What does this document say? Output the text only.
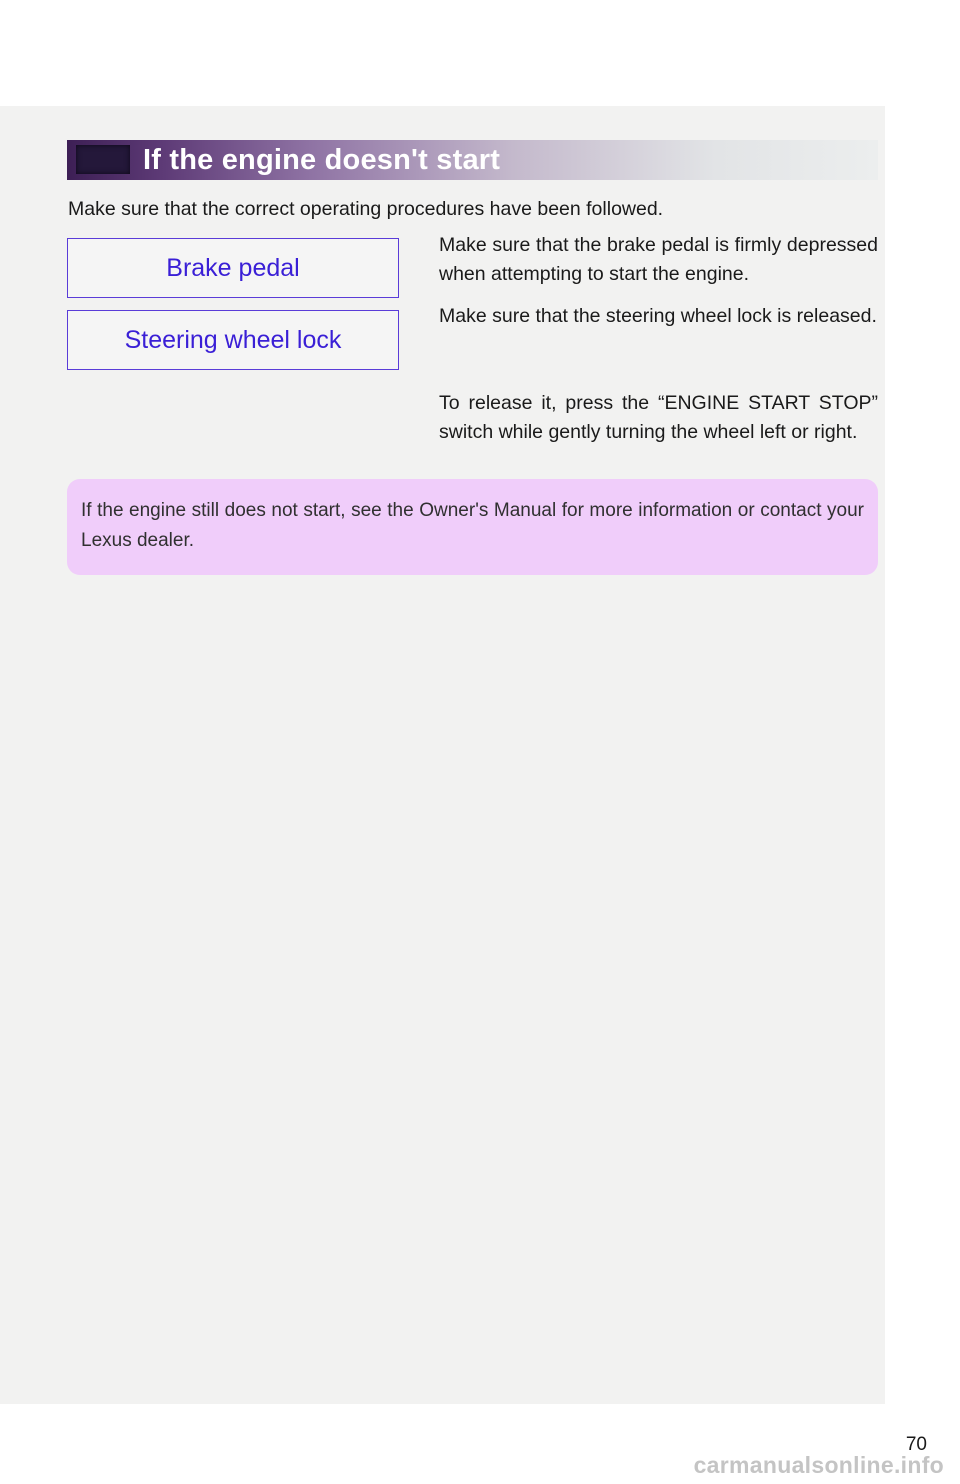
If the engine doesn't start
Make sure that the correct operating procedures have been followed.
Brake pedal
Make sure that the brake pedal is firmly depressed when attempting to start the engine.
Steering wheel lock
Make sure that the steering wheel lock is released.
To release it, press the “ENGINE START STOP” switch while gently turning the wheel left or right.
If the engine still does not start, see the Owner's Manual for more information or contact your Lexus dealer.
70
carmanualsonline.info
